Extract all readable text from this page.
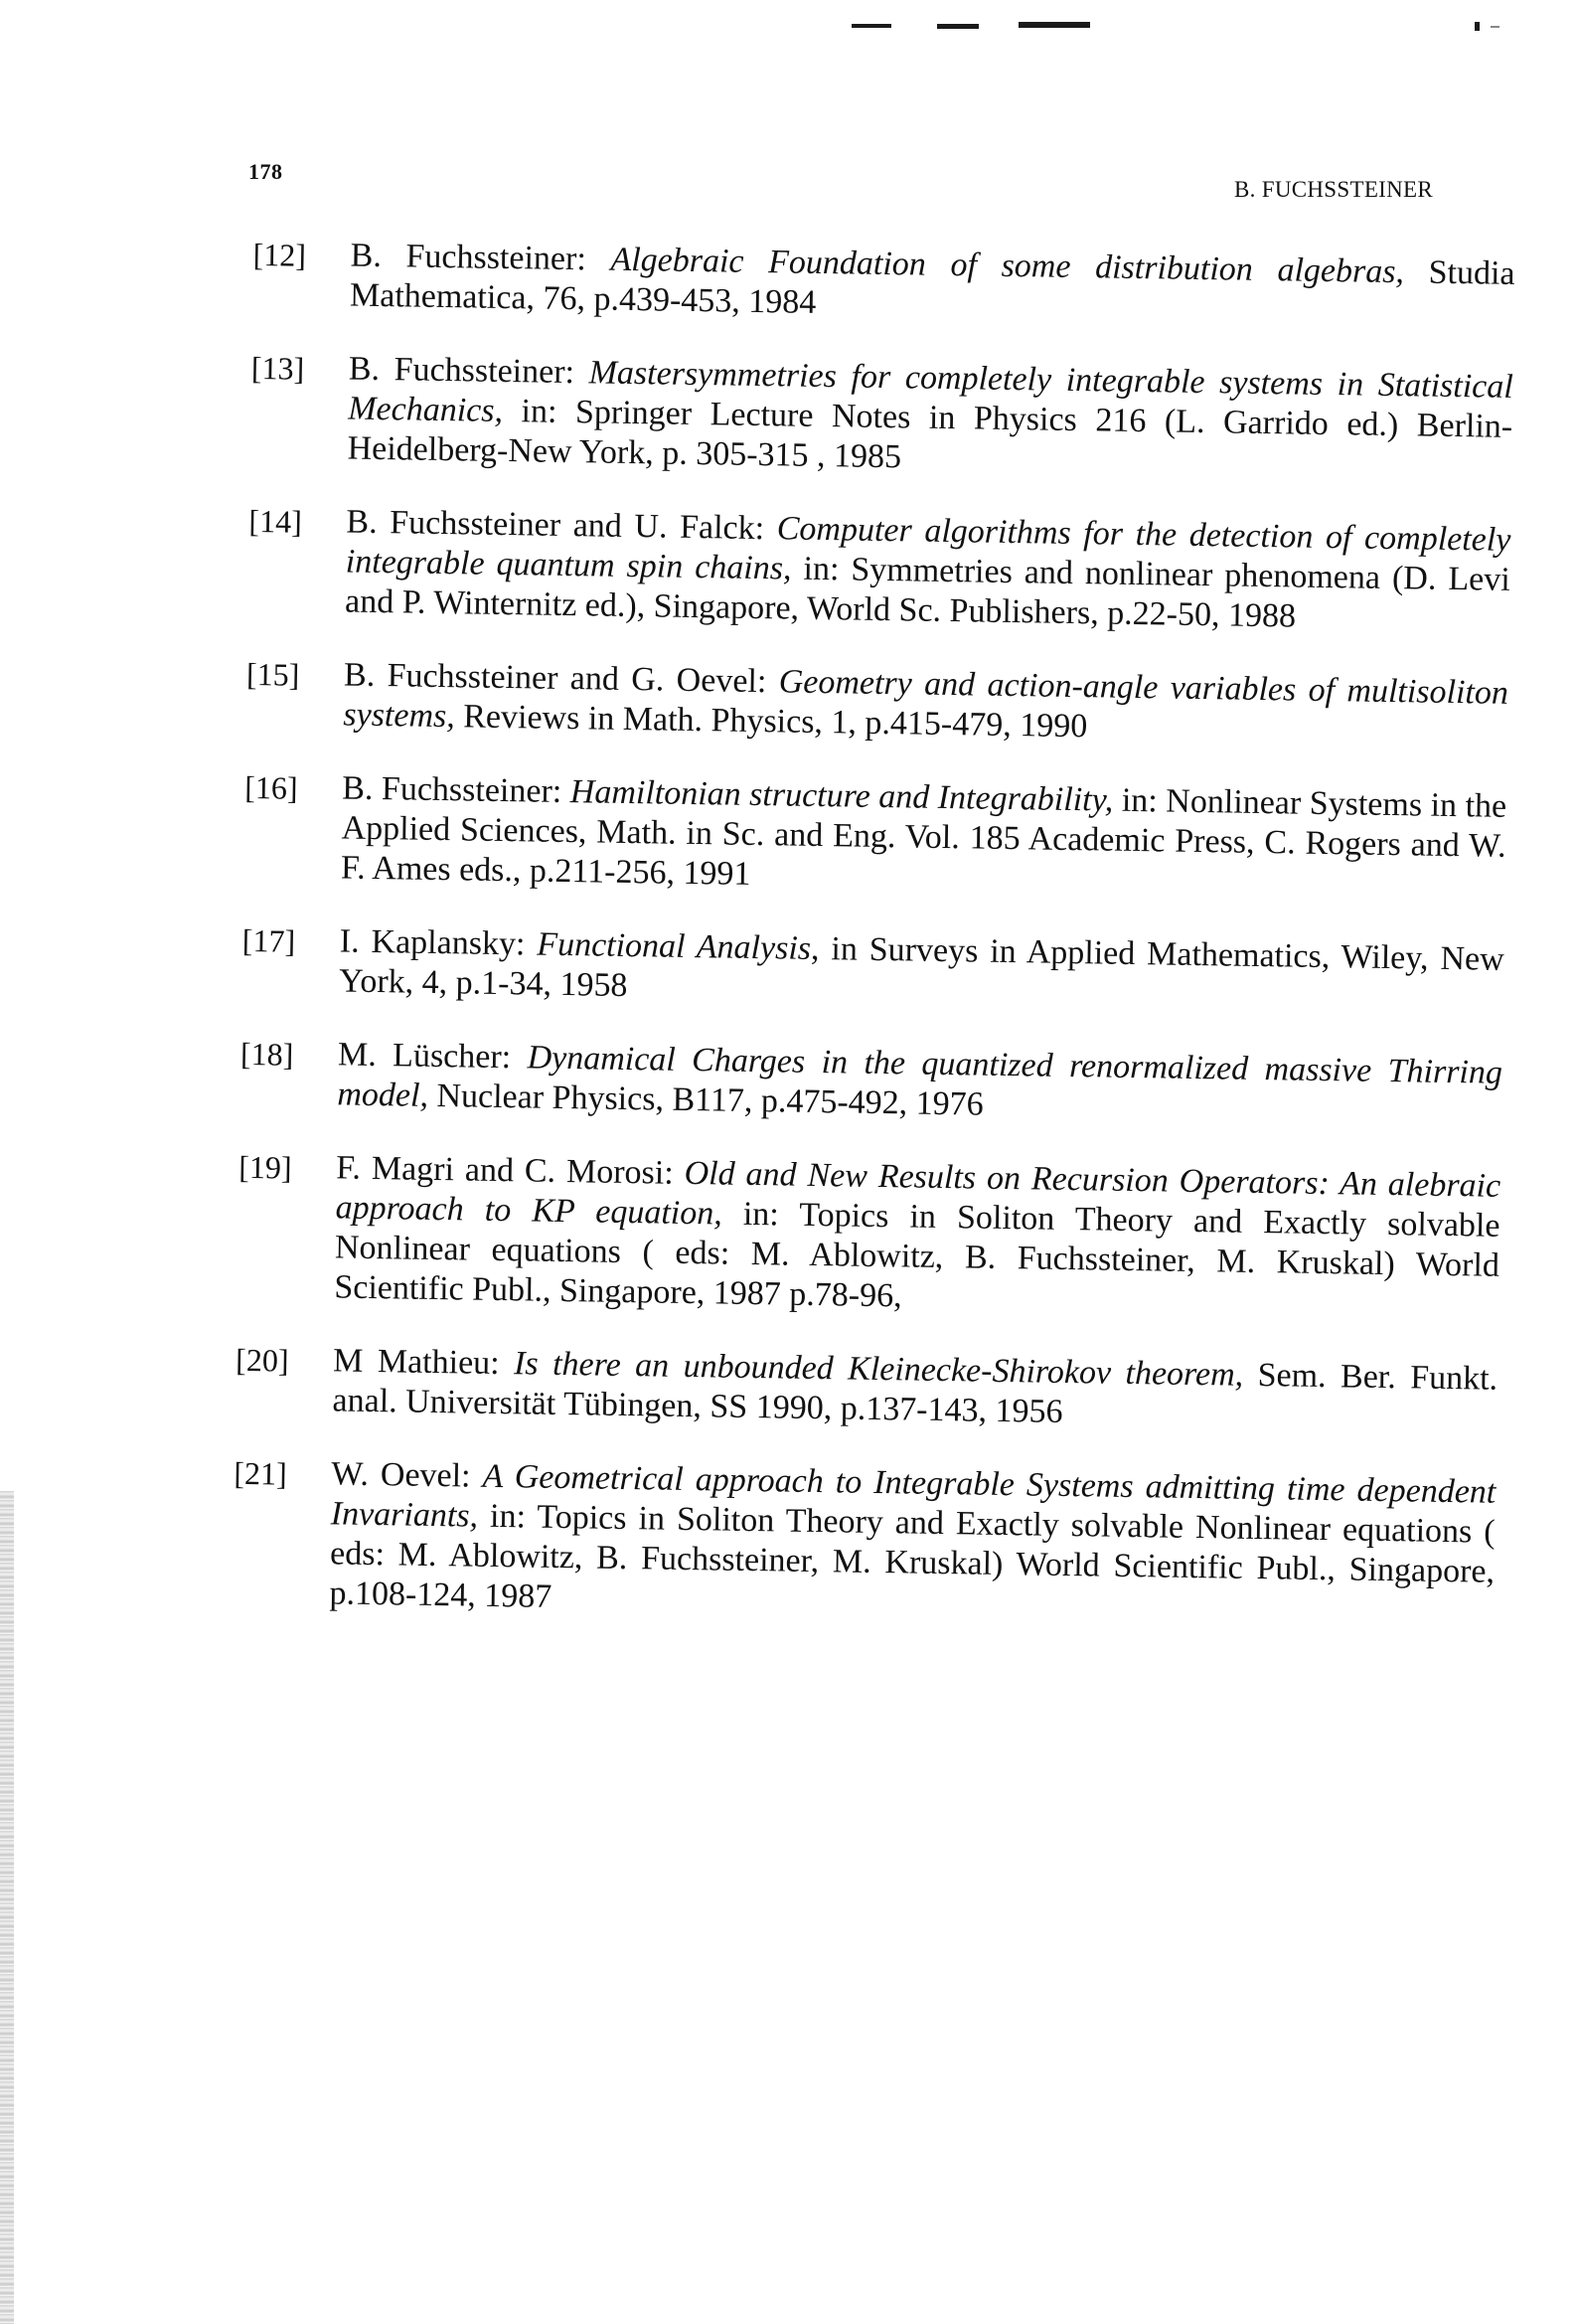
178
B. FUCHSSTEINER
[12] B. Fuchssteiner: Algebraic Foundation of some distribution algebras, Studia Mathematica, 76, p.439-453, 1984
[13] B. Fuchssteiner: Mastersymmetries for completely integrable systems in Statistical Mechanics, in: Springer Lecture Notes in Physics 216 (L. Garrido ed.) Berlin-Heidelberg-New York, p. 305-315 , 1985
[14] B. Fuchssteiner and U. Falck: Computer algorithms for the detection of completely integrable quantum spin chains, in: Symmetries and nonlinear phenomena (D. Levi and P. Winternitz ed.), Singapore, World Sc. Publishers, p.22-50, 1988
[15] B. Fuchssteiner and G. Oevel: Geometry and action-angle variables of multisoliton systems, Reviews in Math. Physics, 1, p.415-479, 1990
[16] B. Fuchssteiner: Hamiltonian structure and Integrability, in: Nonlinear Systems in the Applied Sciences, Math. in Sc. and Eng. Vol. 185 Academic Press, C. Rogers and W. F. Ames eds., p.211-256, 1991
[17] I. Kaplansky: Functional Analysis, in Surveys in Applied Mathematics, Wiley, New York, 4, p.1-34, 1958
[18] M. Lüscher: Dynamical Charges in the quantized renormalized massive Thirring model, Nuclear Physics, B117, p.475-492, 1976
[19] F. Magri and C. Morosi: Old and New Results on Recursion Operators: An alebraic approach to KP equation, in: Topics in Soliton Theory and Exactly solvable Nonlinear equations ( eds: M. Ablowitz, B. Fuchssteiner, M. Kruskal) World Scientific Publ., Singapore, 1987 p.78-96,
[20] M Mathieu: Is there an unbounded Kleinecke-Shirokov theorem, Sem. Ber. Funkt. anal. Universität Tübingen, SS 1990, p.137-143, 1956
[21] W. Oevel: A Geometrical approach to Integrable Systems admitting time dependent Invariants, in: Topics in Soliton Theory and Exactly solvable Nonlinear equations ( eds: M. Ablowitz, B. Fuchssteiner, M. Kruskal) World Scientific Publ., Singapore, p.108-124, 1987
